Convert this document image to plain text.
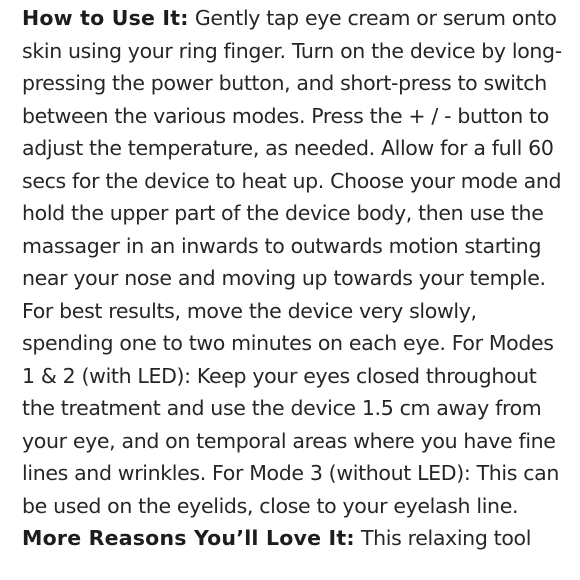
How to Use It: Gently tap eye cream or serum onto skin using your ring finger. Turn on the device by long-pressing the power button, and short-press to switch between the various modes. Press the + / - button to adjust the temperature, as needed. Allow for a full 60 secs for the device to heat up. Choose your mode and hold the upper part of the device body, then use the massager in an inwards to outwards motion starting near your nose and moving up towards your temple. For best results, move the device very slowly, spending one to two minutes on each eye. For Modes 1 & 2 (with LED): Keep your eyes closed throughout the treatment and use the device 1.5 cm away from your eye, and on temporal areas where you have fine lines and wrinkles. For Mode 3 (without LED): This can be used on the eyelids, close to your eyelash line.

More Reasons You’ll Love It: This relaxing tool
